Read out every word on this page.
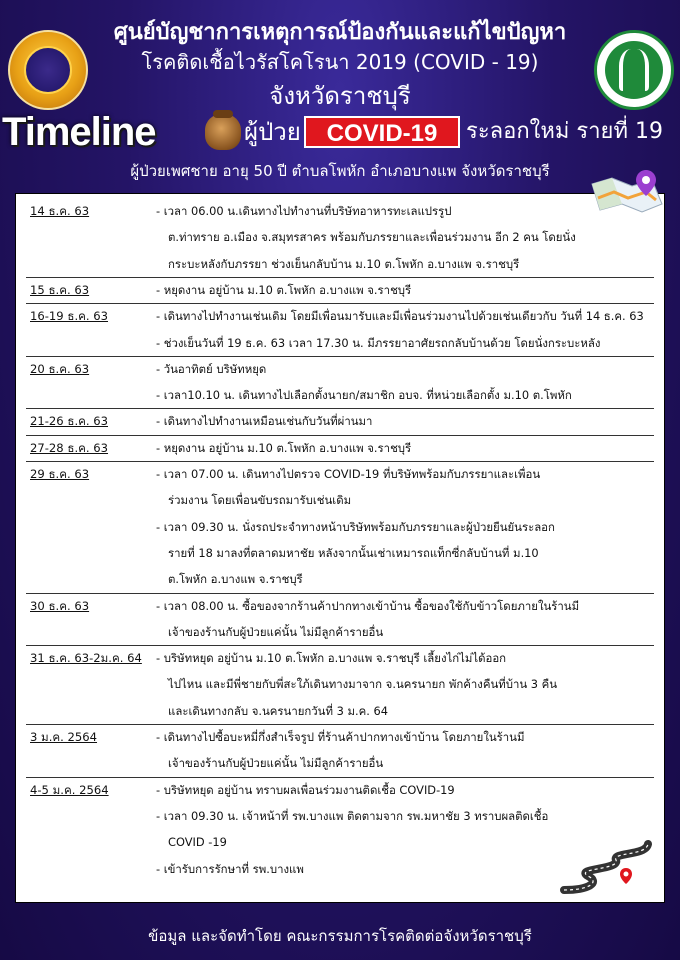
ศูนย์บัญชาการเหตุการณ์ป้องกันและแก้ไขปัญหา
โรคติดเชื้อไวรัสโคโรนา 2019 (COVID - 19)
จังหวัดราชบุรี
Timeline	ผู้ป่วย	COVID-19	ระลอกใหม่ รายที่ 19
ผู้ป่วยเพศชาย อายุ 50 ปี ตำบลโพหัก อำเภอบางแพ จังหวัดราชบุรี
14 ธ.ค. 63	- เวลา 06.00 น.เดินทางไปทำงานที่บริษัทอาหารทะเลแปรรูป
ต.ท่าทราย อ.เมือง จ.สมุทรสาคร พร้อมกับภรรยาและเพื่อนร่วมงาน อีก 2 คน โดยนั่ง
กระบะหลังกับภรรยา ช่วงเย็นกลับบ้าน ม.10 ต.โพหัก อ.บางแพ จ.ราชบุรี
15 ธ.ค. 63	- หยุดงาน อยู่บ้าน ม.10 ต.โพหัก อ.บางแพ จ.ราชบุรี
16-19 ธ.ค. 63	- เดินทางไปทำงานเช่นเดิม โดยมีเพื่อนมารับและมีเพื่อนร่วมงานไปด้วยเช่นเดียวกับ วันที่ 14 ธ.ค. 63
- ช่วงเย็นวันที่ 19 ธ.ค. 63 เวลา 17.30 น. มีภรรยาอาศัยรถกลับบ้านด้วย โดยนั่งกระบะหลัง
20 ธ.ค. 63	- วันอาทิตย์ บริษัทหยุด
- เวลา10.10 น. เดินทางไปเลือกตั้งนายก/สมาชิก อบจ. ที่หน่วยเลือกตั้ง ม.10 ต.โพหัก
21-26 ธ.ค. 63	- เดินทางไปทำงานเหมือนเช่นกับวันที่ผ่านมา
27-28 ธ.ค. 63	- หยุดงาน อยู่บ้าน ม.10 ต.โพหัก อ.บางแพ จ.ราชบุรี
29 ธ.ค. 63	- เวลา 07.00 น. เดินทางไปตรวจ COVID-19 ที่บริษัทพร้อมกับภรรยาและเพื่อน
ร่วมงาน โดยเพื่อนขับรถมารับเช่นเดิม
- เวลา 09.30 น. นั่งรถประจำทางหน้าบริษัทพร้อมกับภรรยาและผู้ป่วยยืนยันระลอก
รายที่ 18 มาลงที่ตลาดมหาชัย หลังจากนั้นเช่าเหมารถแท็กซี่กลับบ้านที่ ม.10
ต.โพหัก อ.บางแพ จ.ราชบุรี
30 ธ.ค. 63	- เวลา 08.00 น. ซื้อของจากร้านค้าปากทางเข้าบ้าน ซื้อของใช้กับข้าวโดยภายในร้านมี
เจ้าของร้านกับผู้ป่วยแค่นั้น ไม่มีลูกค้ารายอื่น
31 ธ.ค. 63-2ม.ค. 64	- บริษัทหยุด อยู่บ้าน ม.10 ต.โพหัก อ.บางแพ จ.ราชบุรี เลี้ยงไก่ไม่ได้ออก
ไปไหน และมีพี่ชายกับพี่สะใภ้เดินทางมาจาก จ.นครนายก พักค้างคืนที่บ้าน 3 คืน
และเดินทางกลับ จ.นครนายกวันที่ 3 ม.ค. 64
3 ม.ค. 2564	- เดินทางไปซื้อบะหมี่กึ่งสำเร็จรูป ที่ร้านค้าปากทางเข้าบ้าน โดยภายในร้านมี
เจ้าของร้านกับผู้ป่วยแค่นั้น ไม่มีลูกค้ารายอื่น
4-5 ม.ค. 2564	- บริษัทหยุด อยู่บ้าน ทราบผลเพื่อนร่วมงานติดเชื้อ COVID-19
- เวลา 09.30 น. เจ้าหน้าที่ รพ.บางแพ ติดตามจาก รพ.มหาชัย 3 ทราบผลติดเชื้อ
COVID -19
- เข้ารับการรักษาที่ รพ.บางแพ
ข้อมูล และจัดทำโดย คณะกรรมการโรคติดต่อจังหวัดราชบุรี
